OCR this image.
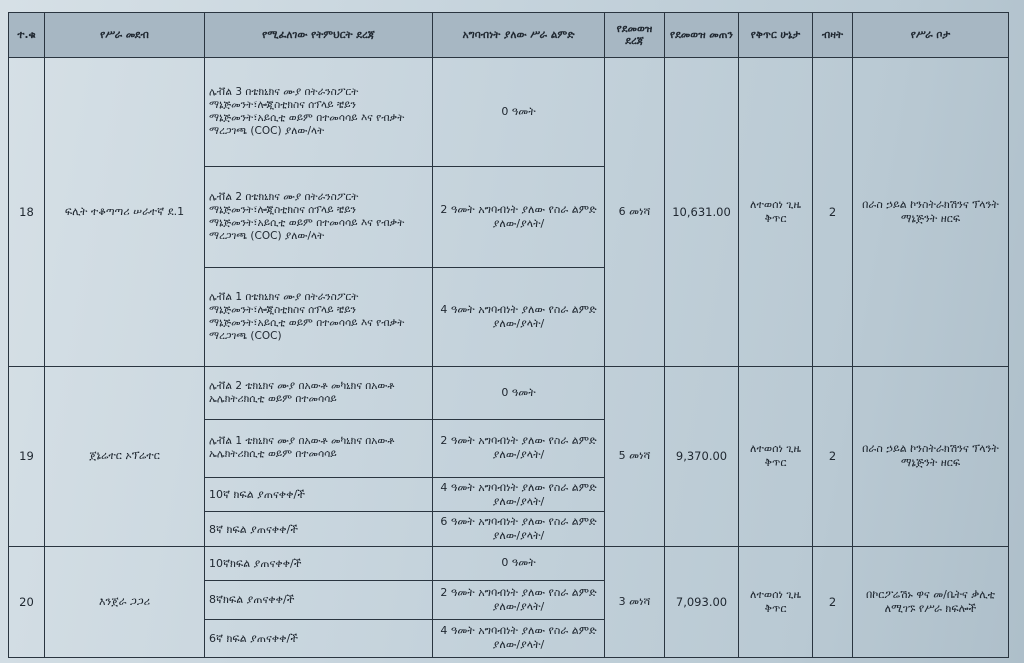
ተ.ቁ	የሥራ መደብ	የሚፈለገው የትምህርት ደረጃ	አግባብነት ያለው ሥራ ልምድ	የደመወዝ ደረጃ	የደመወዝ መጠን	የቅጥር ሁኔታ	ብዛት	የሥራ ቦታ
18	ፍሊት ተቆጣጣሪ ሠራተኛ ደ.1	ሌቭል 3 በቴክኒክና ሙያ በትራንስፖርት ማኔጅመንት፣ሎጂስቲክስና ሰፕላይ ቼይን ማኔጅመንት፣አይሲቲ ወይም በተመሳሳይ እና የብቃት ማረጋገጫ (COC) ያለው/ላት	0 ዓመት	6 መነሻ	10,631.00	ለተወሰነ ጊዜ ቅጥር	2	በራስ ኃይል ኮንስትራክሽንና ፕላንት ማኔጅንት ዘርፍ
		ሌቭል 2 በቴክኒክና ሙያ በትራንስፖርት ማኔጅመንት፣ሎጂስቲክስና ሰፕላይ ቼይን ማኔጅመንት፣አይሲቲ ወይም በተመሳሳይ እና የብቃት ማረጋገጫ (COC) ያለው/ላት	2 ዓመት አግባብነት ያለው የስራ ልምድ ያለው/ያላት/					
		ሌቭል 1 በቴክኒክና ሙያ በትራንስፖርት ማኔጅመንት፣ሎጂስቲክስና ሰፕላይ ቼይን ማኔጅመንት፣አይሲቲ ወይም በተመሳሳይ እና የብቃት ማረጋገጫ (COC)	4 ዓመት አግባብነት ያለው የስራ ልምድ ያለው/ያላት/					
19	ጀኔሬተር ኦፕሬተር	ሌቭል 2 ቴክኒክና ሙያ በአውቶ መካኒክና በአውቶ ኤሌክትሪክሲቲ ወይም በተመሳሳይ	0 ዓመት	5 መነሻ	9,370.00	ለተወሰነ ጊዜ ቅጥር	2	በራስ ኃይል ኮንስትራክሽንና ፕላንት ማኔጅንት ዘርፍ
		ሌቭል 1 ቴክኒክና ሙያ በአውቶ መካኒክና በአውቶ ኤሌክትሪክሲቲ ወይም በተመሳሳይ	2 ዓመት አግባብነት ያለው የስራ ልምድ ያለው/ያላት/					
		10ኛ ክፍል ያጠናቀቀ/ች	4 ዓመት አግባብነት ያለው የስራ ልምድ ያለው/ያላት/					
		8ኛ ክፍል ያጠናቀቀ/ች	6 ዓመት አግባብነት ያለው የስራ ልምድ ያለው/ያላት/					
20	እንጀራ ጋጋሪ	10ኛክፍል ያጠናቀቀ/ች	0 ዓመት	3 መነሻ	7,093.00	ለተወሰነ ጊዜ ቅጥር	2	በኮርፖሬሽኑ ዋና መ/ቤትና ቃሊቲ ለሚገኙ የሥራ ክፍሎች
		8ኛክፍል ያጠናቀቀ/ች	2 ዓመት አግባብነት ያለው የስራ ልምድ ያለው/ያላት/					
		6ኛ ክፍል ያጠናቀቀ/ች	4 ዓመት አግባብነት ያለው የስራ ልምድ ያለው/ያላት/					
